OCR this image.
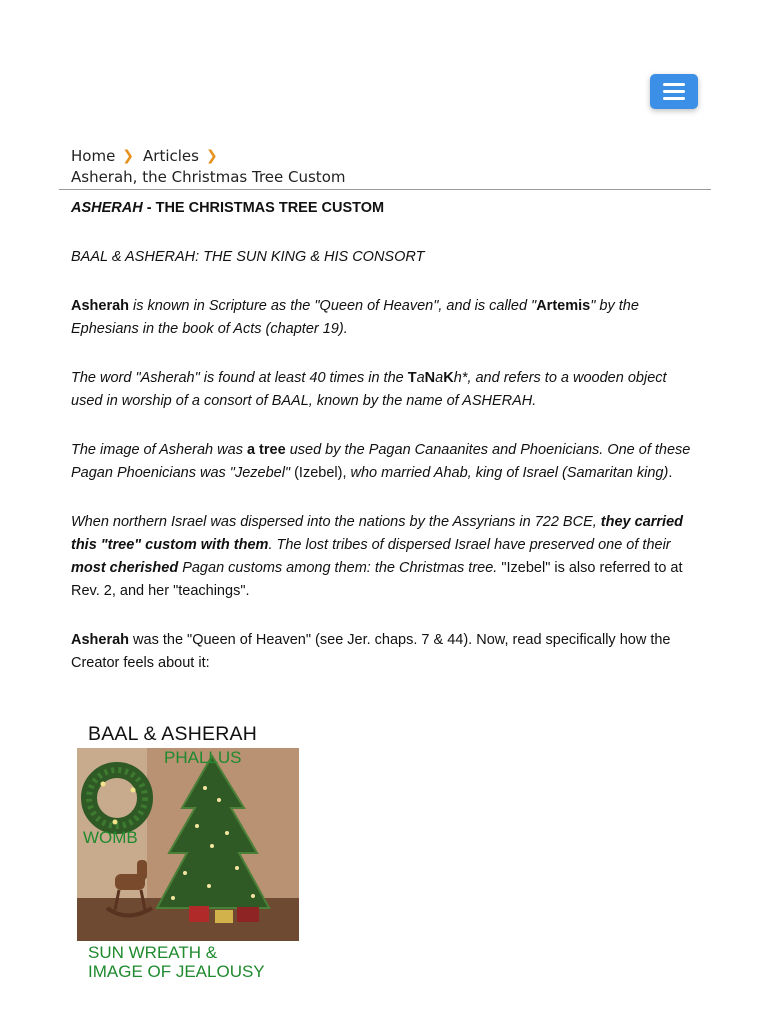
Home ❯ Articles ❯
Asherah, the Christmas Tree Custom

ASHERAH - THE CHRISTMAS TREE CUSTOM

BAAL & ASHERAH: THE SUN KING & HIS CONSORT

Asherah is known in Scripture as the "Queen of Heaven", and is called "Artemis" by the Ephesians in the book of Acts (chapter 19).

The word "Asherah" is found at least 40 times in the TaNaKh*, and refers to a wooden object used in worship of a consort of BAAL, known by the name of ASHERAH.

The image of Asherah was a tree used by the Pagan Canaanites and Phoenicians. One of these Pagan Phoenicians was "Jezebel" (Izebel), who married Ahab, king of Israel (Samaritan king).

When northern Israel was dispersed into the nations by the Assyrians in 722 BCE, they carried this "tree" custom with them. The lost tribes of dispersed Israel have preserved one of their most cherished Pagan customs among them: the Christmas tree. "Izebel" is also referred to at Rev. 2, and her "teachings".

Asherah was the "Queen of Heaven" (see Jer. chaps. 7 & 44). Now, read specifically how the Creator feels about it:

BAAL & ASHERAH
PHALLUS
WOMB
SUN WREATH &
IMAGE OF JEALOUSY
